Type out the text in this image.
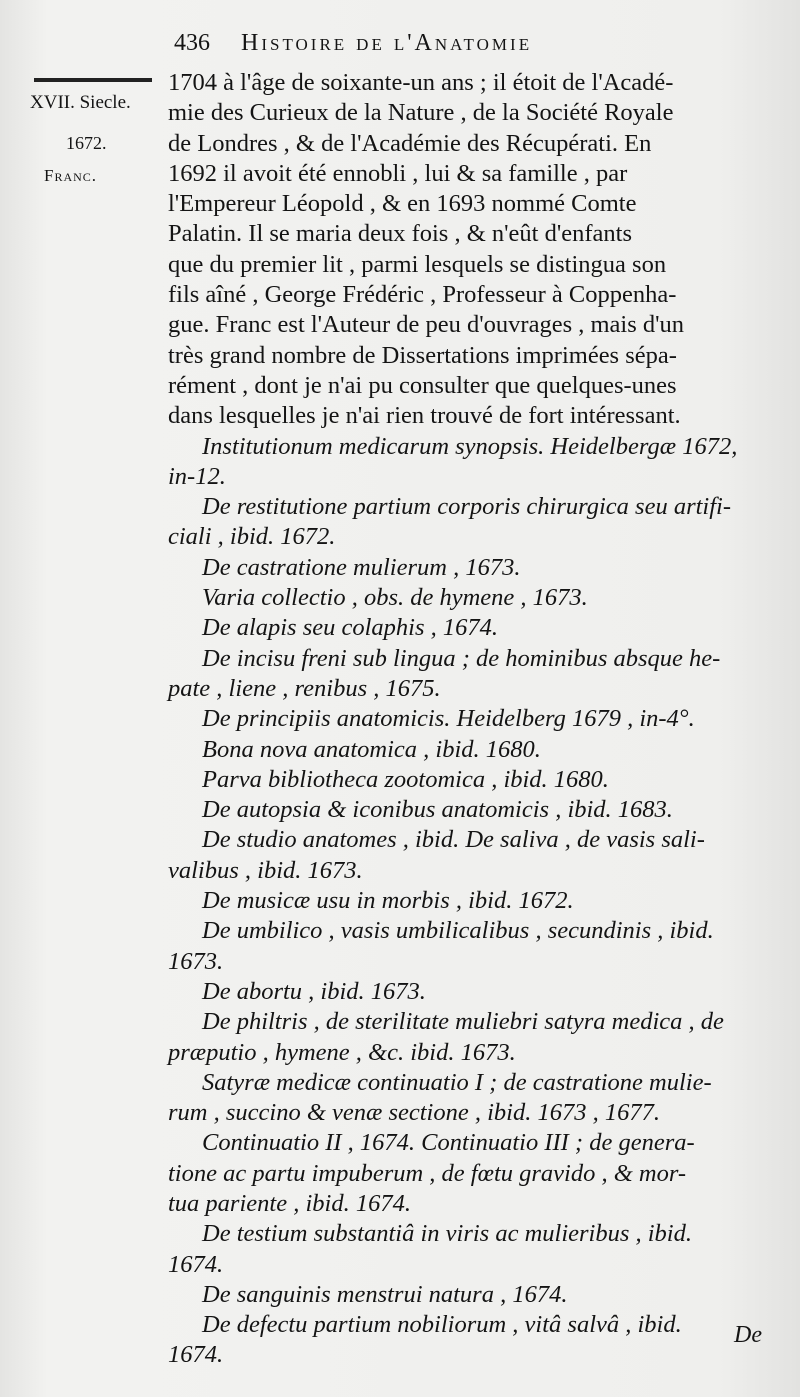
436 Histoire de l'Anatomie
XVII. Siecle.
1672.
Franc.
1704 à l'âge de soixante-un ans ; il étoit de l'Acadé-
mie des Curieux de la Nature , de la Société Royale
de Londres , & de l'Académie des Récupérati. En
1692 il avoit été ennobli , lui & sa famille , par
l'Empereur Léopold , & en 1693 nommé Comte
Palatin. Il se maria deux fois , & n'eût d'enfants
que du premier lit , parmi lesquels se distingua son
fils aîné , George Frédéric , Professeur à Coppenha-
gue. Franc est l'Auteur de peu d'ouvrages , mais d'un
très grand nombre de Dissertations imprimées sépa-
rément , dont je n'ai pu consulter que quelques-unes
dans lesquelles je n'ai rien trouvé de fort intéressant.

Institutionum medicarum synopsis. Heidelbergæ 1672,
in-12.

De restitutione partium corporis chirurgica seu artifi-
ciali , ibid. 1672.

De castratione mulierum , 1673.

Varia collectio , obs. de hymene , 1673.

De alapis seu colaphis , 1674.

De incisu freni sub lingua ; de hominibus absque he-
pate , liene , renibus , 1675.

De principiis anatomicis. Heidelberg 1679 , in-4°.

Bona nova anatomica , ibid. 1680.

Parva bibliotheca zootomica , ibid. 1680.

De autopsia & iconibus anatomicis , ibid. 1683.

De studio anatomes , ibid. De saliva , de vasis sali-
valibus , ibid. 1673.

De musicæ usu in morbis , ibid. 1672.

De umbilico , vasis umbilicalibus , secundinis , ibid.
1673.

De abortu , ibid. 1673.

De philtris , de sterilitate muliebri satyra medica , de
præputio , hymene , &c. ibid. 1673.

Satyræ medicæ continuatio I ; de castratione mulie-
rum , succino & venæ sectione , ibid. 1673 , 1677.

Continuatio II , 1674. Continuatio III ; de genera-
tione ac partu impuberum , de fœtu gravido , & mor-
tua pariente , ibid. 1674.

De testium substantiâ in viris ac mulieribus , ibid.
1674.

De sanguinis menstrui natura , 1674.

De defectu partium nobiliorum , vitâ salvâ , ibid.
1674.

De
